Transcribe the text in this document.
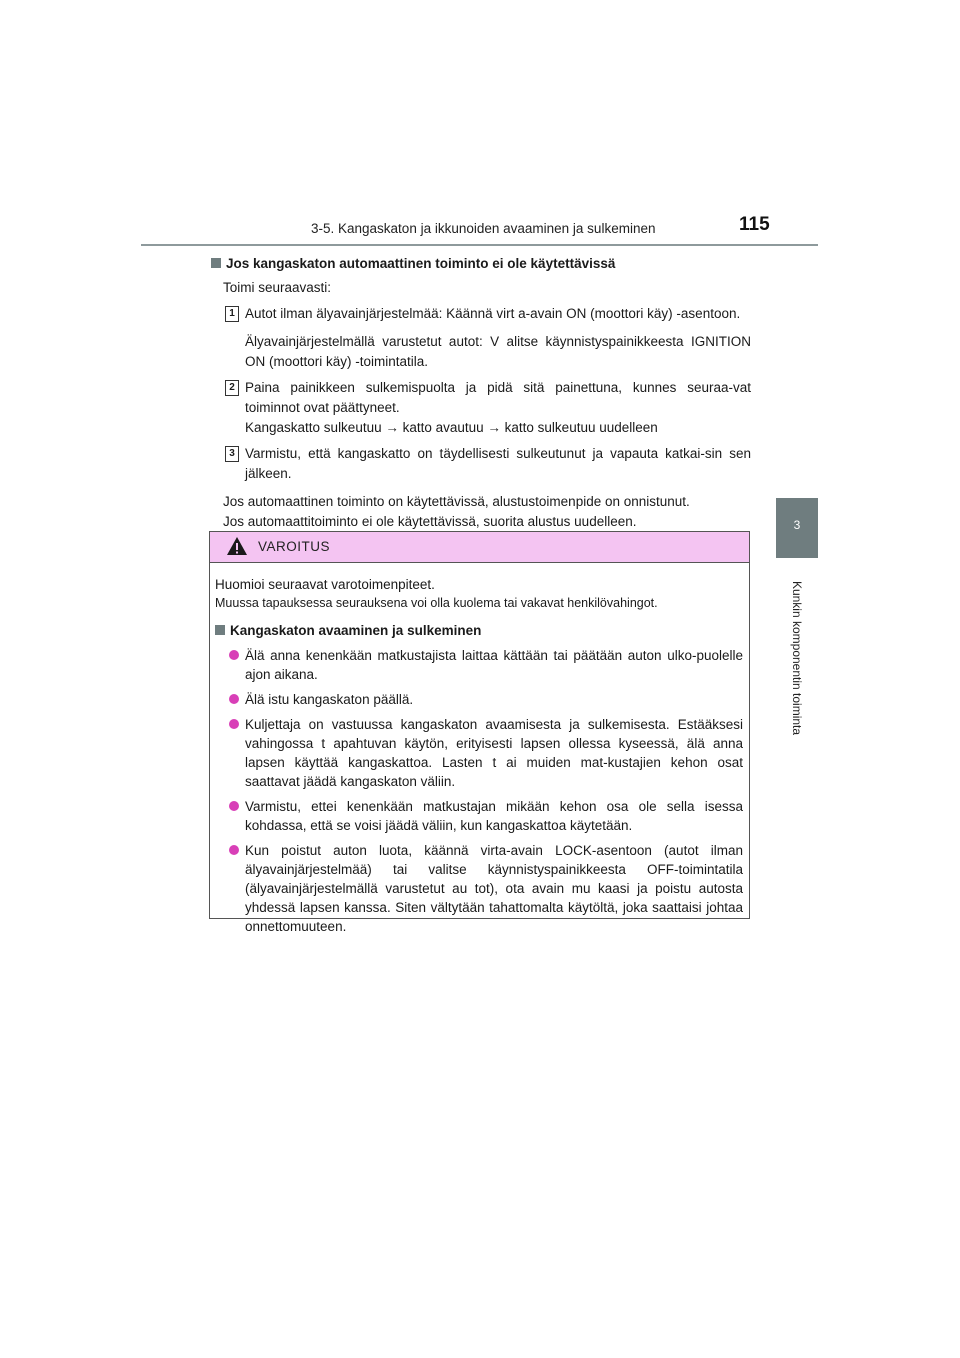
3-5. Kangaskaton ja ikkunoiden avaaminen ja sulkeminen	115
3
Kunkin komponentin toiminta
Jos kangaskaton automaattinen toiminto ei ole käytettävissä

Toimi seuraavasti:

1 Autot ilman älyavainjärjestelmää: Käännä virt a-avain ON (moottori käy) -asentoon.

Älyavainjärjestelmällä varustetut autot: V alitse käynnistyspainikkeesta IGNITION ON (moottori käy) -toimintatila.

2 Paina painikkeen sulkemispuolta ja pidä sitä painettuna, kunnes seuraa-vat toiminnot ovat päättyneet.

Kangaskatto sulkeutuu → katto avautuu → katto sulkeutuu uudelleen

3 Varmistu, että kangaskatto on täydellisesti sulkeutunut ja vapauta katkai-sin sen jälkeen.

Jos automaattinen toiminto on käytettävissä, alustustoimenpide on onnistunut.
Jos automaattitoiminto ei ole käytettävissä, suorita alustus uudelleen.
VAROITUS

Huomioi seuraavat varotoimenpiteet.

Muussa tapauksessa seurauksena voi olla kuolema tai vakavat henkilövahingot.

Kangaskaton avaaminen ja sulkeminen

Älä anna kenenkään matkustajista laittaa kättään tai päätään auton ulko-puolelle ajon aikana.

Älä istu kangaskaton päällä.

Kuljettaja on vastuussa kangaskaton avaamisesta ja sulkemisesta. Estääksesi vahingossa t apahtuvan käytön, erityisesti lapsen ollessa kyseessä, älä anna lapsen käyttää kangaskattoa. Lasten t ai muiden mat-kustajien kehon osat saattavat jäädä kangaskaton väliin.

Varmistu, ettei kenenkään matkustajan mikään kehon osa ole sella isessa kohdassa, että se voisi jäädä väliin, kun kangaskattoa käytetään.

Kun poistut auton luota, käännä virta-avain LOCK-asentoon (autot ilman älyavainjärjestelmää) tai valitse käynnistyspainikkeesta OFF-toimintatila (älyavainjärjestelmällä varustetut au tot), ota avain mu kaasi ja poistu autosta yhdessä lapsen kanssa. Siten vältytään tahattomalta käytöltä, joka saattaisi johtaa onnettomuuteen.
